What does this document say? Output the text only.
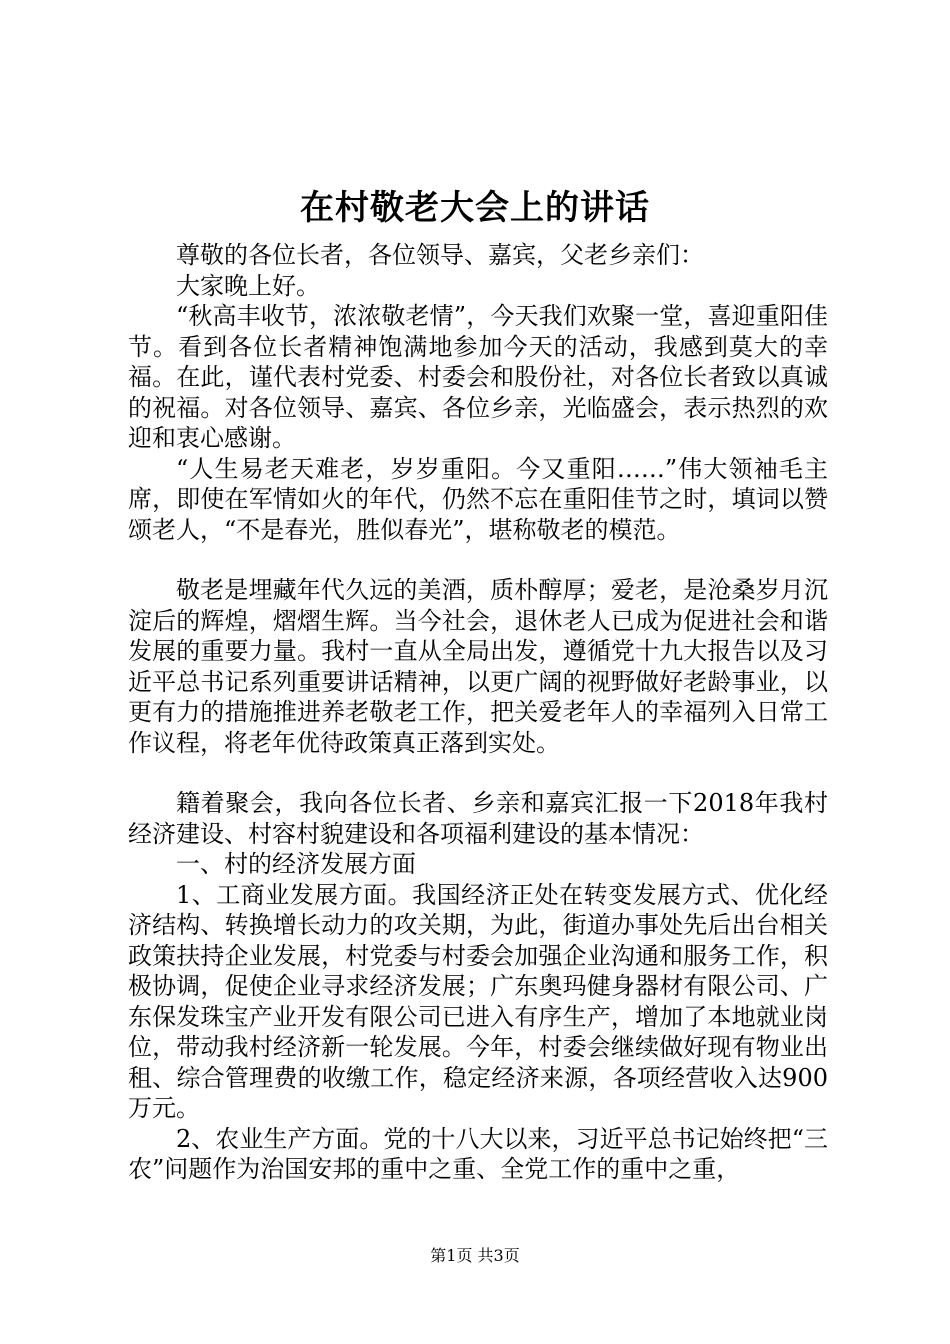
在村敬老大会上的讲话

尊敬的各位长者，各位领导、嘉宾，父老乡亲们：

大家晚上好。

“秋高丰收节，浓浓敬老情”，今天我们欢聚一堂，喜迎重阳佳节。看到各位长者精神饱满地参加今天的活动，我感到莫大的幸福。在此，谨代表村党委、村委会和股份社，对各位长者致以真诚的祝福。对各位领导、嘉宾、各位乡亲，光临盛会，表示热烈的欢迎和衷心感谢。

“人生易老天难老，岁岁重阳。今又重阳……”伟大领袖毛主席，即使在军情如火的年代，仍然不忘在重阳佳节之时，填词以赞颂老人，“不是春光，胜似春光”，堪称敬老的模范。

敬老是埋藏年代久远的美酒，质朴醇厚；爱老，是沧桑岁月沉淀后的辉煌，熠熠生辉。当今社会，退休老人已成为促进社会和谐发展的重要力量。我村一直从全局出发，遵循党十九大报告以及习近平总书记系列重要讲话精神，以更广阔的视野做好老龄事业，以更有力的措施推进养老敬老工作，把关爱老年人的幸福列入日常工作议程，将老年优待政策真正落到实处。

籍着聚会，我向各位长者、乡亲和嘉宾汇报一下2018年我村经济建设、村容村貌建设和各项福利建设的基本情况：

一、村的经济发展方面

1、工商业发展方面。我国经济正处在转变发展方式、优化经济结构、转换增长动力的攻关期，为此，街道办事处先后出台相关政策扶持企业发展，村党委与村委会加强企业沟通和服务工作，积极协调，促使企业寻求经济发展；广东奥玛健身器材有限公司、广东保发珠宝产业开发有限公司已进入有序生产，增加了本地就业岗位，带动我村经济新一轮发展。今年，村委会继续做好现有物业出租、综合管理费的收缴工作，稳定经济来源，各项经营收入达900万元。

2、农业生产方面。党的十八大以来，习近平总书记始终把“三农”问题作为治国安邦的重中之重、全党工作的重中之重，

第1页 共3页
